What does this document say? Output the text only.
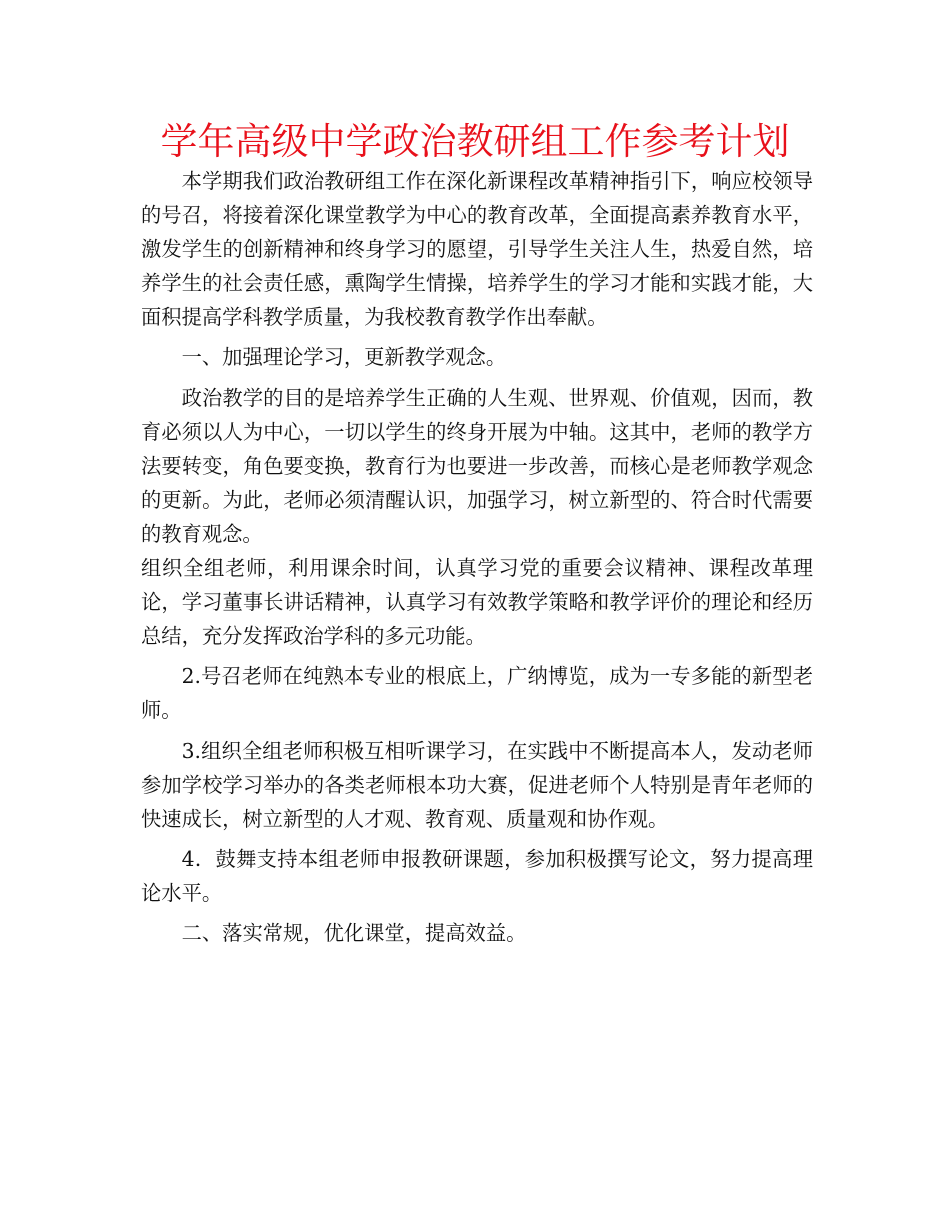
学年高级中学政治教研组工作参考计划

本学期我们政治教研组工作在深化新课程改革精神指引下，响应校领导的号召，将接着深化课堂教学为中心的教育改革，全面提高素养教育水平，激发学生的创新精神和终身学习的愿望，引导学生关注人生，热爱自然，培养学生的社会责任感，熏陶学生情操，培养学生的学习才能和实践才能，大面积提高学科教学质量，为我校教育教学作出奉献。

一、加强理论学习，更新教学观念。

政治教学的目的是培养学生正确的人生观、世界观、价值观，因而，教育必须以人为中心，一切以学生的终身开展为中轴。这其中，老师的教学方法要转变，角色要变换，教育行为也要进一步改善，而核心是老师教学观念的更新。为此，老师必须清醒认识，加强学习，树立新型的、符合时代需要的教育观念。

组织全组老师，利用课余时间，认真学习党的重要会议精神、课程改革理论，学习董事长讲话精神，认真学习有效教学策略和教学评价的理论和经历总结，充分发挥政治学科的多元功能。

2.号召老师在纯熟本专业的根底上，广纳博览，成为一专多能的新型老师。

3.组织全组老师积极互相听课学习，在实践中不断提高本人，发动老师参加学校学习举办的各类老师根本功大赛，促进老师个人特别是青年老师的快速成长，树立新型的人才观、教育观、质量观和协作观。

4．鼓舞支持本组老师申报教研课题，参加积极撰写论文，努力提高理论水平。

二、落实常规，优化课堂，提高效益。
